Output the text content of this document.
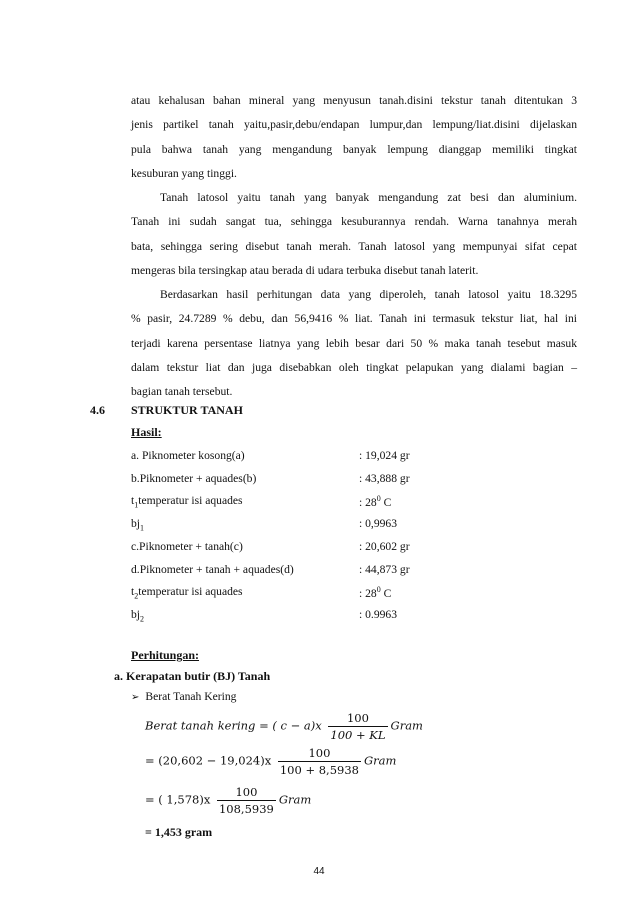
atau kehalusan bahan mineral yang menyusun tanah.disini tekstur tanah ditentukan 3
jenis partikel tanah yaitu,pasir,debu/endapan lumpur,dan lempung/liat.disini dijelaskan
pula bahwa tanah yang mengandung banyak lempung dianggap memiliki tingkat
kesuburan yang tinggi.

Tanah latosol yaitu tanah yang banyak mengandung zat besi dan aluminium.
Tanah ini sudah sangat tua, sehingga kesuburannya rendah. Warna tanahnya merah
bata, sehingga sering disebut tanah merah. Tanah latosol yang mempunyai sifat cepat
mengeras bila tersingkap atau berada di udara terbuka disebut tanah laterit.

Berdasarkan hasil perhitungan data yang diperoleh, tanah latosol yaitu 18.3295
% pasir, 24.7289 % debu, dan 56,9416 % liat. Tanah ini termasuk tekstur liat, hal ini
terjadi karena persentase liatnya yang lebih besar dari 50 % maka tanah tesebut masuk
dalam tekstur liat dan juga disebabkan oleh tingkat pelapukan yang dialami bagian –
bagian tanah tersebut.

4.6 STRUKTUR TANAH
Hasil:
a. Piknometer kosong(a)	: 19,024 gr
b.Piknometer + aquades(b)	: 43,888 gr
$t_1temperatur$ isi aquades	: $28^0$ C
$bj_1$	: 0,9963
c.Piknometer + tanah(c)	: 20,602 gr
d.Piknometer + tanah + aquades(d)	: 44,873 gr
$t_2temperatur$ isi aquades	: $28^0$ C
$bj_2$	: 0.9963
Perhitungan:
a. Kerapatan butir (BJ) Tanah
➢ Berat Tanah Kering
Berat tanah kering = ( $c - a)x \frac{100}{100 + KL}$ Gram
= $(20,602 - 19,024)x \frac{100}{100 + 8,5938}$ Gram
= ( $1,578)x \frac{100}{108,5939}$ Gram
= 1,453 gram
44
